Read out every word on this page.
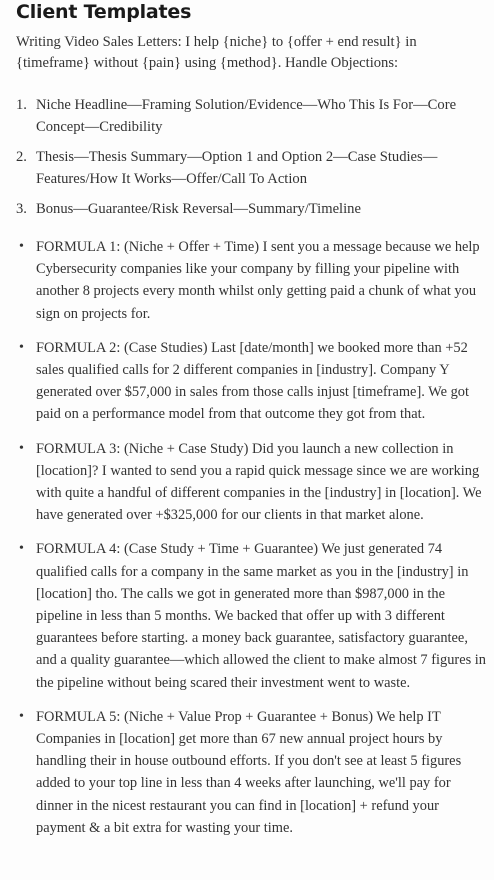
Client Templates

Writing Video Sales Letters: I help {niche} to {offer + end result} in {timeframe} without {pain} using {method}. Handle Objections:

1. Niche Headline—Framing Solution/Evidence—Who This Is For—Core Concept—Credibility
2. Thesis—Thesis Summary—Option 1 and Option 2—Case Studies—Features/How It Works—Offer/Call To Action
3. Bonus—Guarantee/Risk Reversal—Summary/Timeline
• FORMULA 1: (Niche + Offer + Time) I sent you a message because we help Cybersecurity companies like your company by filling your pipeline with another 8 projects every month whilst only getting paid a chunk of what you sign on projects for.
• FORMULA 2: (Case Studies) Last [date/month] we booked more than +52 sales qualified calls for 2 different companies in [industry]. Company Y generated over $57,000 in sales from those calls injust [timeframe]. We got paid on a performance model from that outcome they got from that.
• FORMULA 3: (Niche + Case Study) Did you launch a new collection in [location]? I wanted to send you a rapid quick message since we are working with quite a handful of different companies in the [industry] in [location]. We have generated over +$325,000 for our clients in that market alone.
• FORMULA 4: (Case Study + Time + Guarantee) We just generated 74 qualified calls for a company in the same market as you in the [industry] in [location] tho. The calls we got in generated more than $987,000 in the pipeline in less than 5 months. We backed that offer up with 3 different guarantees before starting. a money back guarantee, satisfactory guarantee, and a quality guarantee—which allowed the client to make almost 7 figures in the pipeline without being scared their investment went to waste.
• FORMULA 5: (Niche + Value Prop + Guarantee + Bonus) We help IT Companies in [location] get more than 67 new annual project hours by handling their in house outbound efforts. If you don't see at least 5 figures added to your top line in less than 4 weeks after launching, we'll pay for dinner in the nicest restaurant you can find in [location] + refund your payment & a bit extra for wasting your time.
